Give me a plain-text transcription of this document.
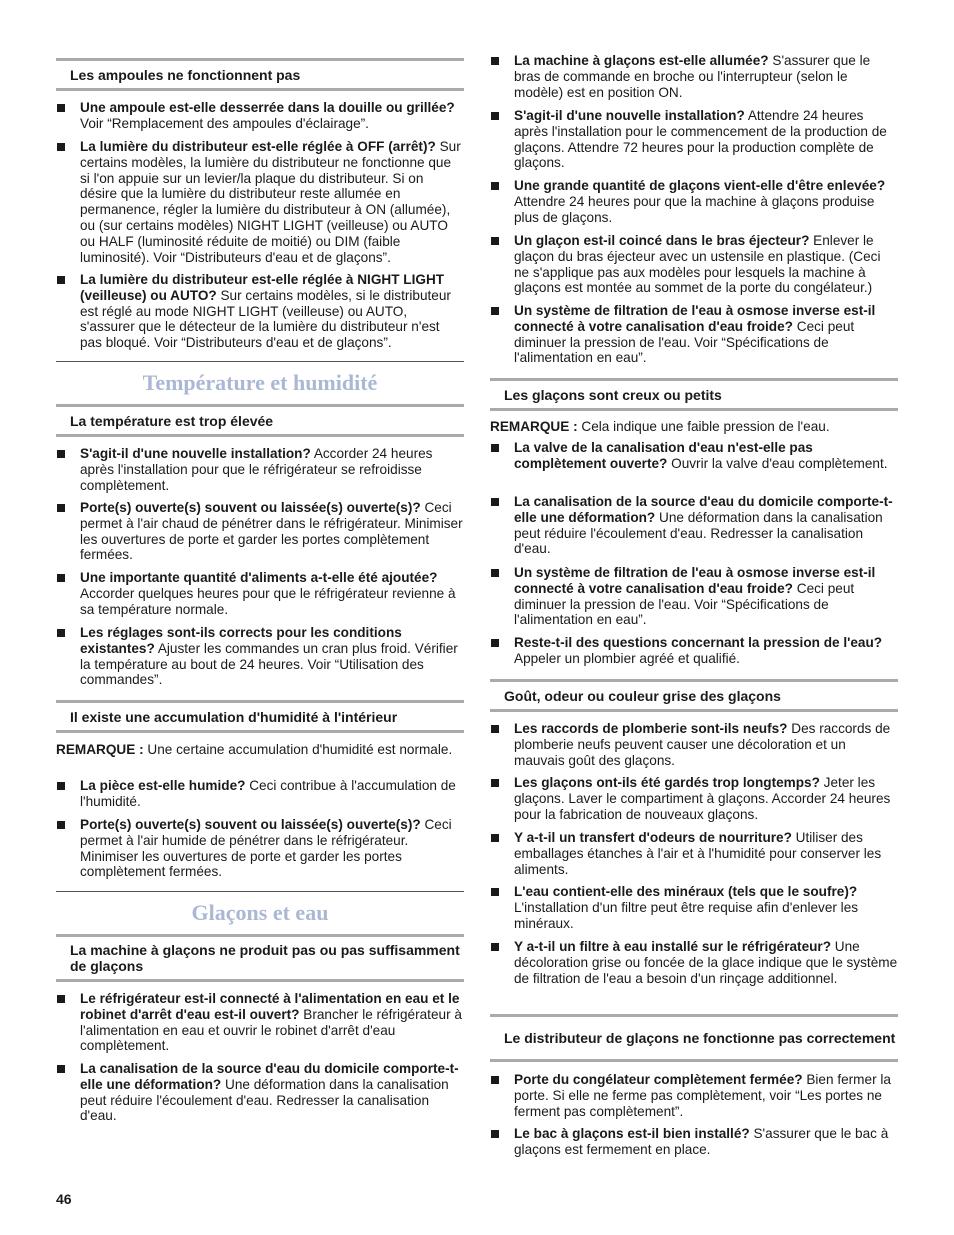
Les ampoules ne fonctionnent pas
Une ampoule est-elle desserrée dans la douille ou grillée? Voir “Remplacement des ampoules d'éclairage”.
La lumière du distributeur est-elle réglée à OFF (arrêt)? Sur certains modèles, la lumière du distributeur ne fonctionne que si l'on appuie sur un levier/la plaque du distributeur. Si on désire que la lumière du distributeur reste allumée en permanence, régler la lumière du distributeur à ON (allumée), ou (sur certains modèles) NIGHT LIGHT (veilleuse) ou AUTO ou HALF (luminosité réduite de moitié) ou DIM (faible luminosité). Voir “Distributeurs d'eau et de glaçons”.
La lumière du distributeur est-elle réglée à NIGHT LIGHT (veilleuse) ou AUTO? Sur certains modèles, si le distributeur est réglé au mode NIGHT LIGHT (veilleuse) ou AUTO, s'assurer que le détecteur de la lumière du distributeur n'est pas bloqué. Voir “Distributeurs d'eau et de glaçons”.
Température et humidité
La température est trop élevée
S'agit-il d'une nouvelle installation? Accorder 24 heures après l'installation pour que le réfrigérateur se refroidisse complètement.
Porte(s) ouverte(s) souvent ou laissée(s) ouverte(s)? Ceci permet à l'air chaud de pénétrer dans le réfrigérateur. Minimiser les ouvertures de porte et garder les portes complètement fermées.
Une importante quantité d'aliments a-t-elle été ajoutée? Accorder quelques heures pour que le réfrigérateur revienne à sa température normale.
Les réglages sont-ils corrects pour les conditions existantes? Ajuster les commandes un cran plus froid. Vérifier la température au bout de 24 heures. Voir “Utilisation des commandes”.
Il existe une accumulation d'humidité à l'intérieur
REMARQUE : Une certaine accumulation d'humidité est normale.
La pièce est-elle humide? Ceci contribue à l'accumulation de l'humidité.
Porte(s) ouverte(s) souvent ou laissée(s) ouverte(s)? Ceci permet à l'air humide de pénétrer dans le réfrigérateur. Minimiser les ouvertures de porte et garder les portes complètement fermées.
Glaçons et eau
La machine à glaçons ne produit pas ou pas suffisamment de glaçons
Le réfrigérateur est-il connecté à l'alimentation en eau et le robinet d'arrêt d'eau est-il ouvert? Brancher le réfrigérateur à l'alimentation en eau et ouvrir le robinet d'arrêt d'eau complètement.
La canalisation de la source d'eau du domicile comporte-t-elle une déformation? Une déformation dans la canalisation peut réduire l'écoulement d'eau. Redresser la canalisation d'eau.
La machine à glaçons est-elle allumée? S'assurer que le bras de commande en broche ou l'interrupteur (selon le modèle) est en position ON.
S'agit-il d'une nouvelle installation? Attendre 24 heures après l'installation pour le commencement de la production de glaçons. Attendre 72 heures pour la production complète de glaçons.
Une grande quantité de glaçons vient-elle d'être enlevée? Attendre 24 heures pour que la machine à glaçons produise plus de glaçons.
Un glaçon est-il coincé dans le bras éjecteur? Enlever le glaçon du bras éjecteur avec un ustensile en plastique. (Ceci ne s'applique pas aux modèles pour lesquels la machine à glaçons est montée au sommet de la porte du congélateur.)
Un système de filtration de l'eau à osmose inverse est-il connecté à votre canalisation d'eau froide? Ceci peut diminuer la pression de l'eau. Voir “Spécifications de l'alimentation en eau”.
Les glaçons sont creux ou petits
REMARQUE : Cela indique une faible pression de l'eau.
La valve de la canalisation d'eau n'est-elle pas complètement ouverte? Ouvrir la valve d'eau complètement.
La canalisation de la source d'eau du domicile comporte-t-elle une déformation? Une déformation dans la canalisation peut réduire l'écoulement d'eau. Redresser la canalisation d'eau.
Un système de filtration de l'eau à osmose inverse est-il connecté à votre canalisation d'eau froide? Ceci peut diminuer la pression de l'eau. Voir “Spécifications de l'alimentation en eau”.
Reste-t-il des questions concernant la pression de l'eau? Appeler un plombier agréé et qualifié.
Goût, odeur ou couleur grise des glaçons
Les raccords de plomberie sont-ils neufs? Des raccords de plomberie neufs peuvent causer une décoloration et un mauvais goût des glaçons.
Les glaçons ont-ils été gardés trop longtemps? Jeter les glaçons. Laver le compartiment à glaçons. Accorder 24 heures pour la fabrication de nouveaux glaçons.
Y a-t-il un transfert d'odeurs de nourriture? Utiliser des emballages étanches à l'air et à l'humidité pour conserver les aliments.
L'eau contient-elle des minéraux (tels que le soufre)? L'installation d'un filtre peut être requise afin d'enlever les minéraux.
Y a-t-il un filtre à eau installé sur le réfrigérateur? Une décoloration grise ou foncée de la glace indique que le système de filtration de l'eau a besoin d'un rinçage additionnel.
Le distributeur de glaçons ne fonctionne pas correctement
Porte du congélateur complètement fermée? Bien fermer la porte. Si elle ne ferme pas complètement, voir “Les portes ne ferment pas complètement”.
Le bac à glaçons est-il bien installé? S'assurer que le bac à glaçons est fermement en place.
46
